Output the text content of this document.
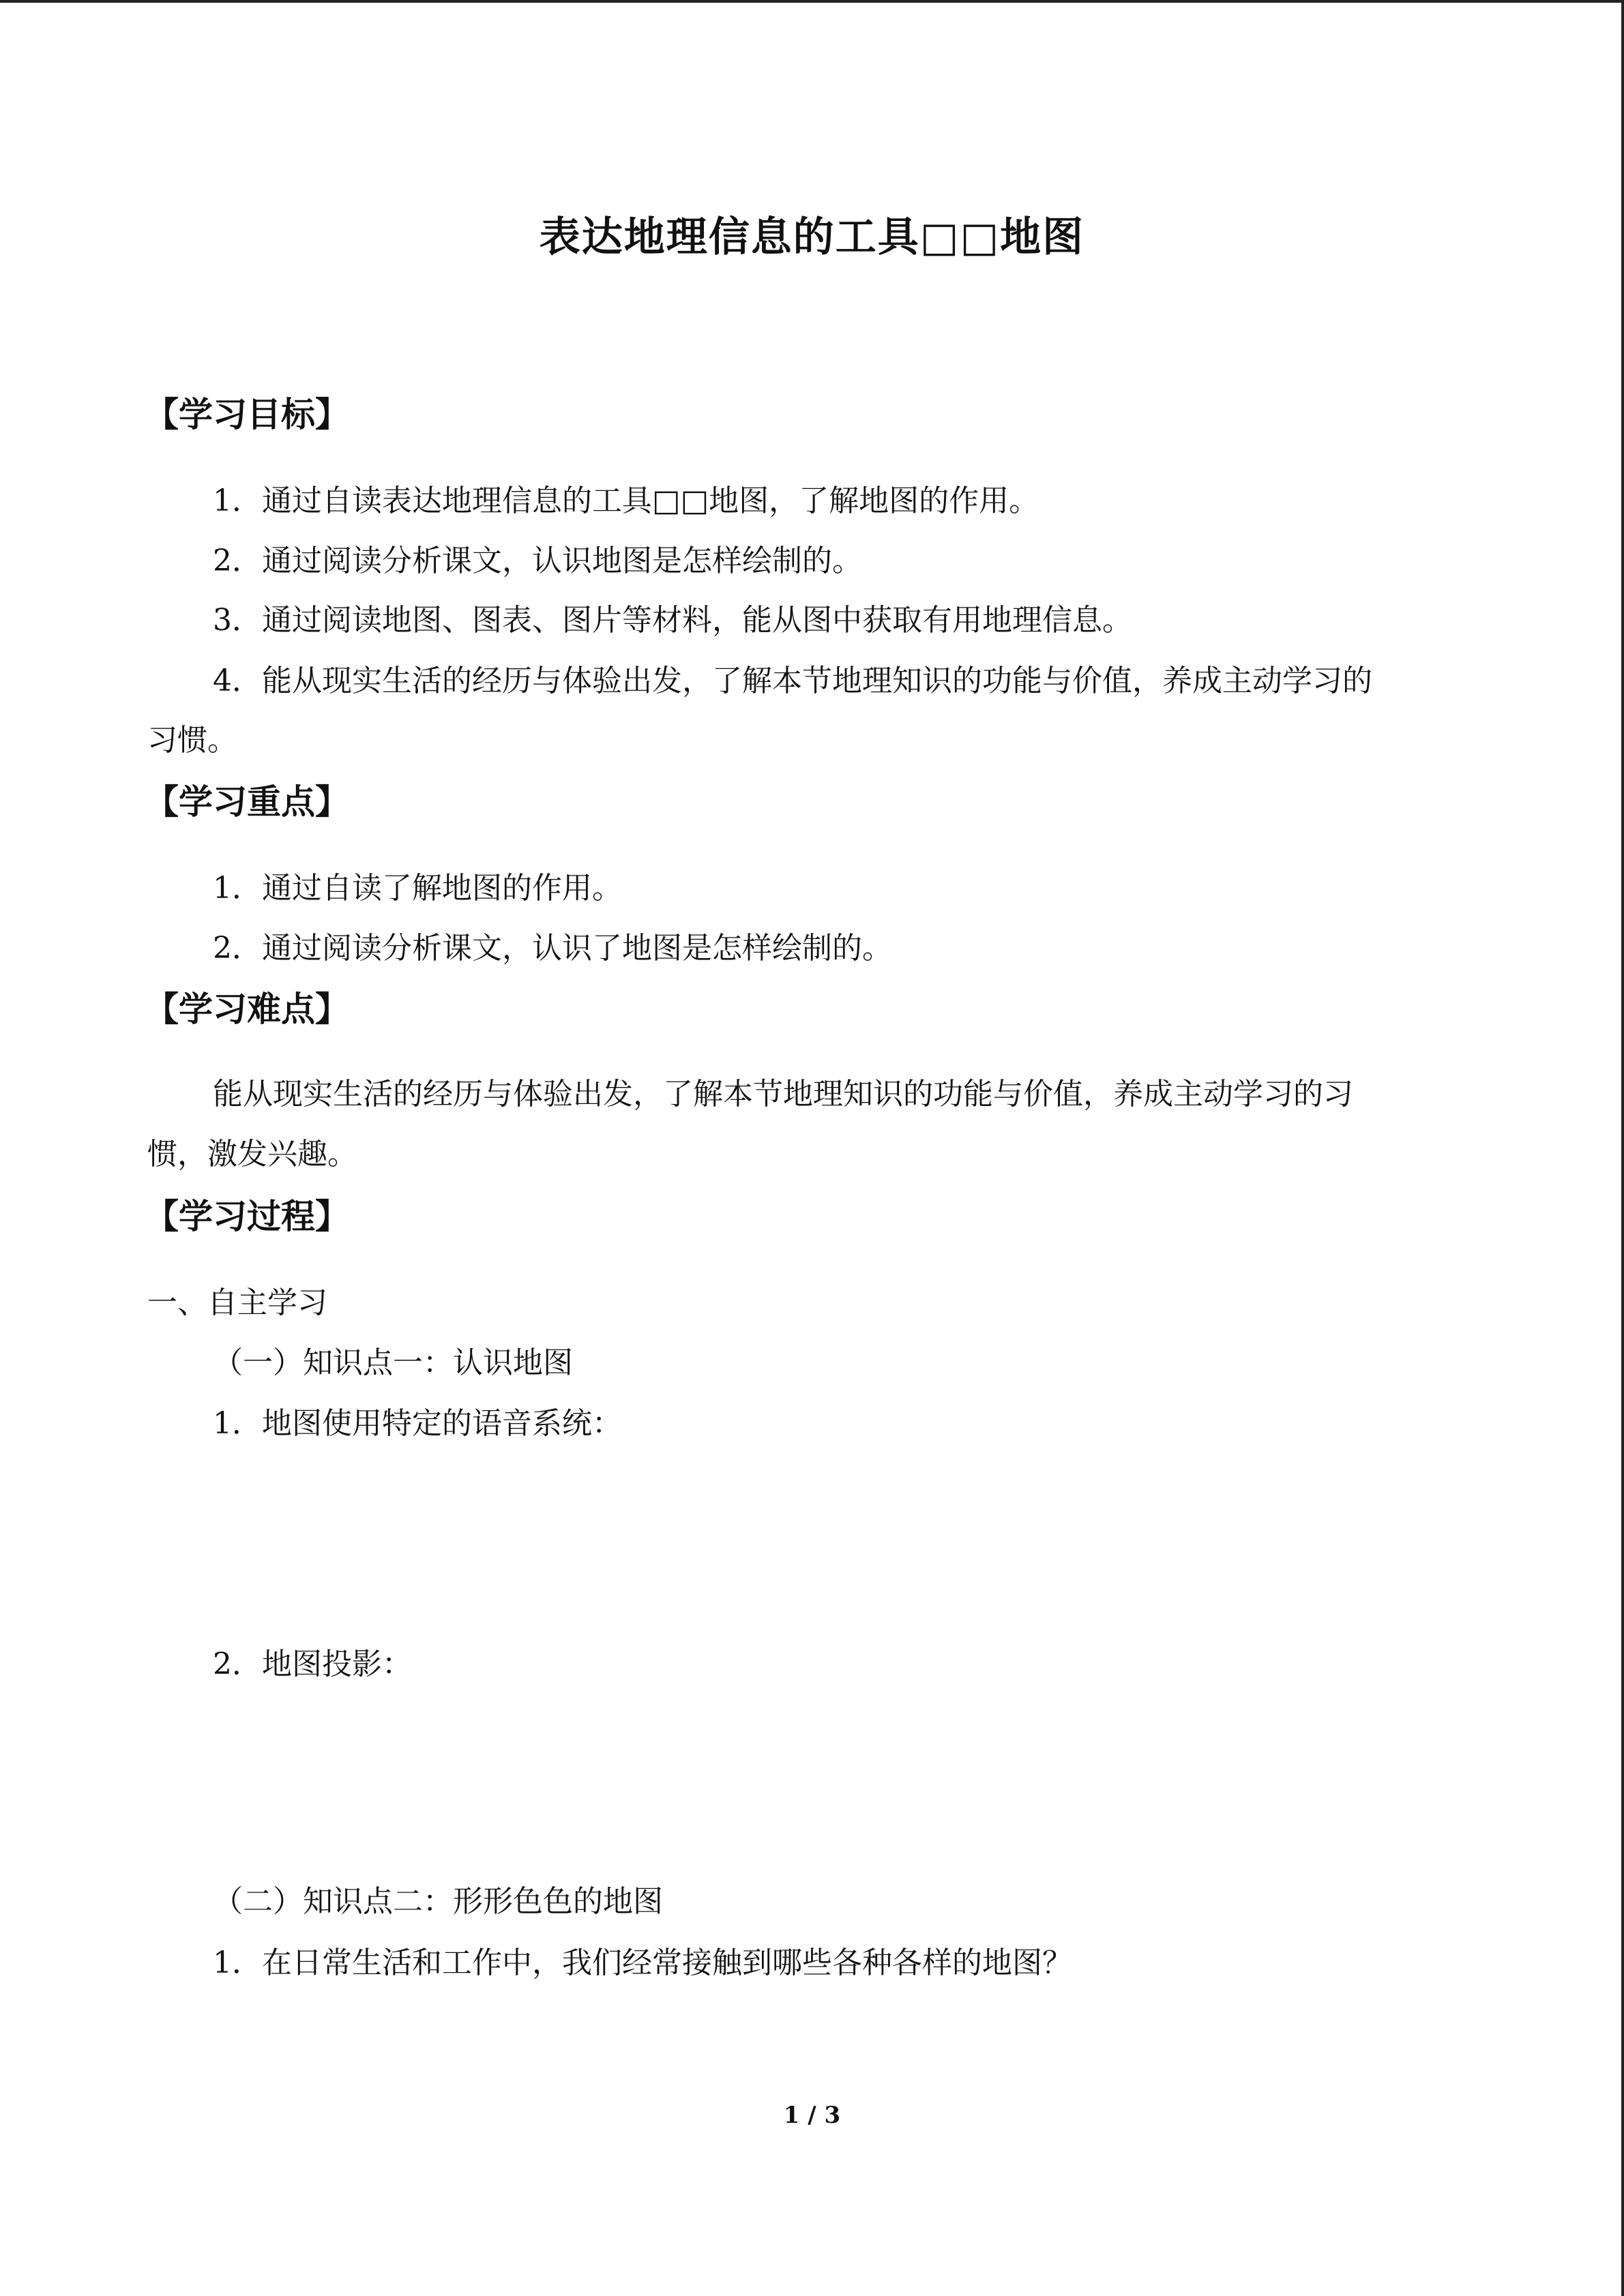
表达地理信息的工具□□地图
【学习目标】
1．通过自读表达地理信息的工具□□地图，了解地图的作用。
2．通过阅读分析课文，认识地图是怎样绘制的。
3．通过阅读地图、图表、图片等材料，能从图中获取有用地理信息。
4．能从现实生活的经历与体验出发，了解本节地理知识的功能与价值，养成主动学习的
习惯。
【学习重点】
1．通过自读了解地图的作用。
2．通过阅读分析课文，认识了地图是怎样绘制的。
【学习难点】
能从现实生活的经历与体验出发，了解本节地理知识的功能与价值，养成主动学习的习
惯，激发兴趣。
【学习过程】
一、自主学习
（一）知识点一：认识地图
1．地图使用特定的语音系统：
2．地图投影：
（二）知识点二：形形色色的地图
1．在日常生活和工作中，我们经常接触到哪些各种各样的地图？
1 / 3
